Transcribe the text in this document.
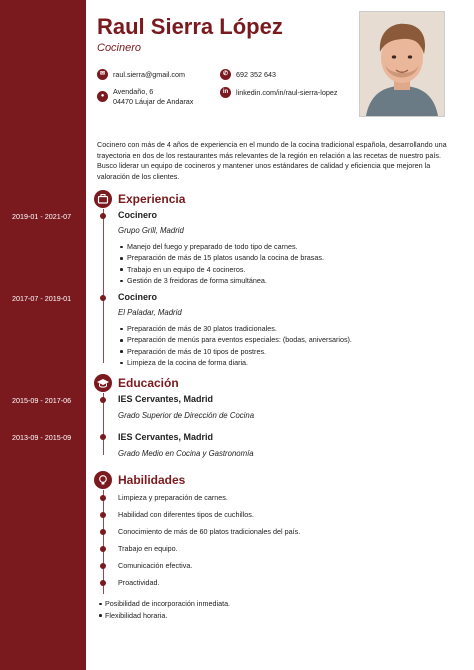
Raul Sierra López
Cocinero
✉	raul.sierra@gmail.com	✆	692 352 643
●	Avendaño, 6
04470 Láujar de Andarax
in	linkedin.com/in/raul-sierra-lopez
Cocinero con más de 4 años de experiencia en el mundo de la cocina tradicional española, desarrollando una trayectoria en dos de los restaurantes más relevantes de la región en relación a las recetas de nuestro país. Busco liderar un equipo de cocineros y mantener unos estándares de calidad y eficiencia que mejoren la valoración de los clientes.
Experiencia
2019-01 - 2021-07	Cocinero
Grupo Grill, Madrid
Manejo del fuego y preparado de todo tipo de carnes.
Preparación de más de 15 platos usando la cocina de brasas.
Trabajo en un equipo de 4 cocineros.
Gestión de 3 freidoras de forma simultánea.
2017-07 - 2019-01	Cocinero
El Paladar, Madrid
Preparación de más de 30 platos tradicionales.
Preparación de menús para eventos especiales: (bodas, aniversarios).
Preparación de más de 10 tipos de postres.
Limpieza de la cocina de forma diaria.
Educación
2015-09 - 2017-06	IES Cervantes, Madrid
Grado Superior de Dirección de Cocina
2013-09 - 2015-09	IES Cervantes, Madrid
Grado Medio en Cocina y Gastronomía
Habilidades
Limpieza y preparación de carnes.
Habilidad con diferentes tipos de cuchillos.
Conocimiento de más de 60 platos tradicionales del país.
Trabajo en equipo.
Comunicación efectiva.
Proactividad.
Posibilidad de incorporación inmediata.
Flexibilidad horaria.
